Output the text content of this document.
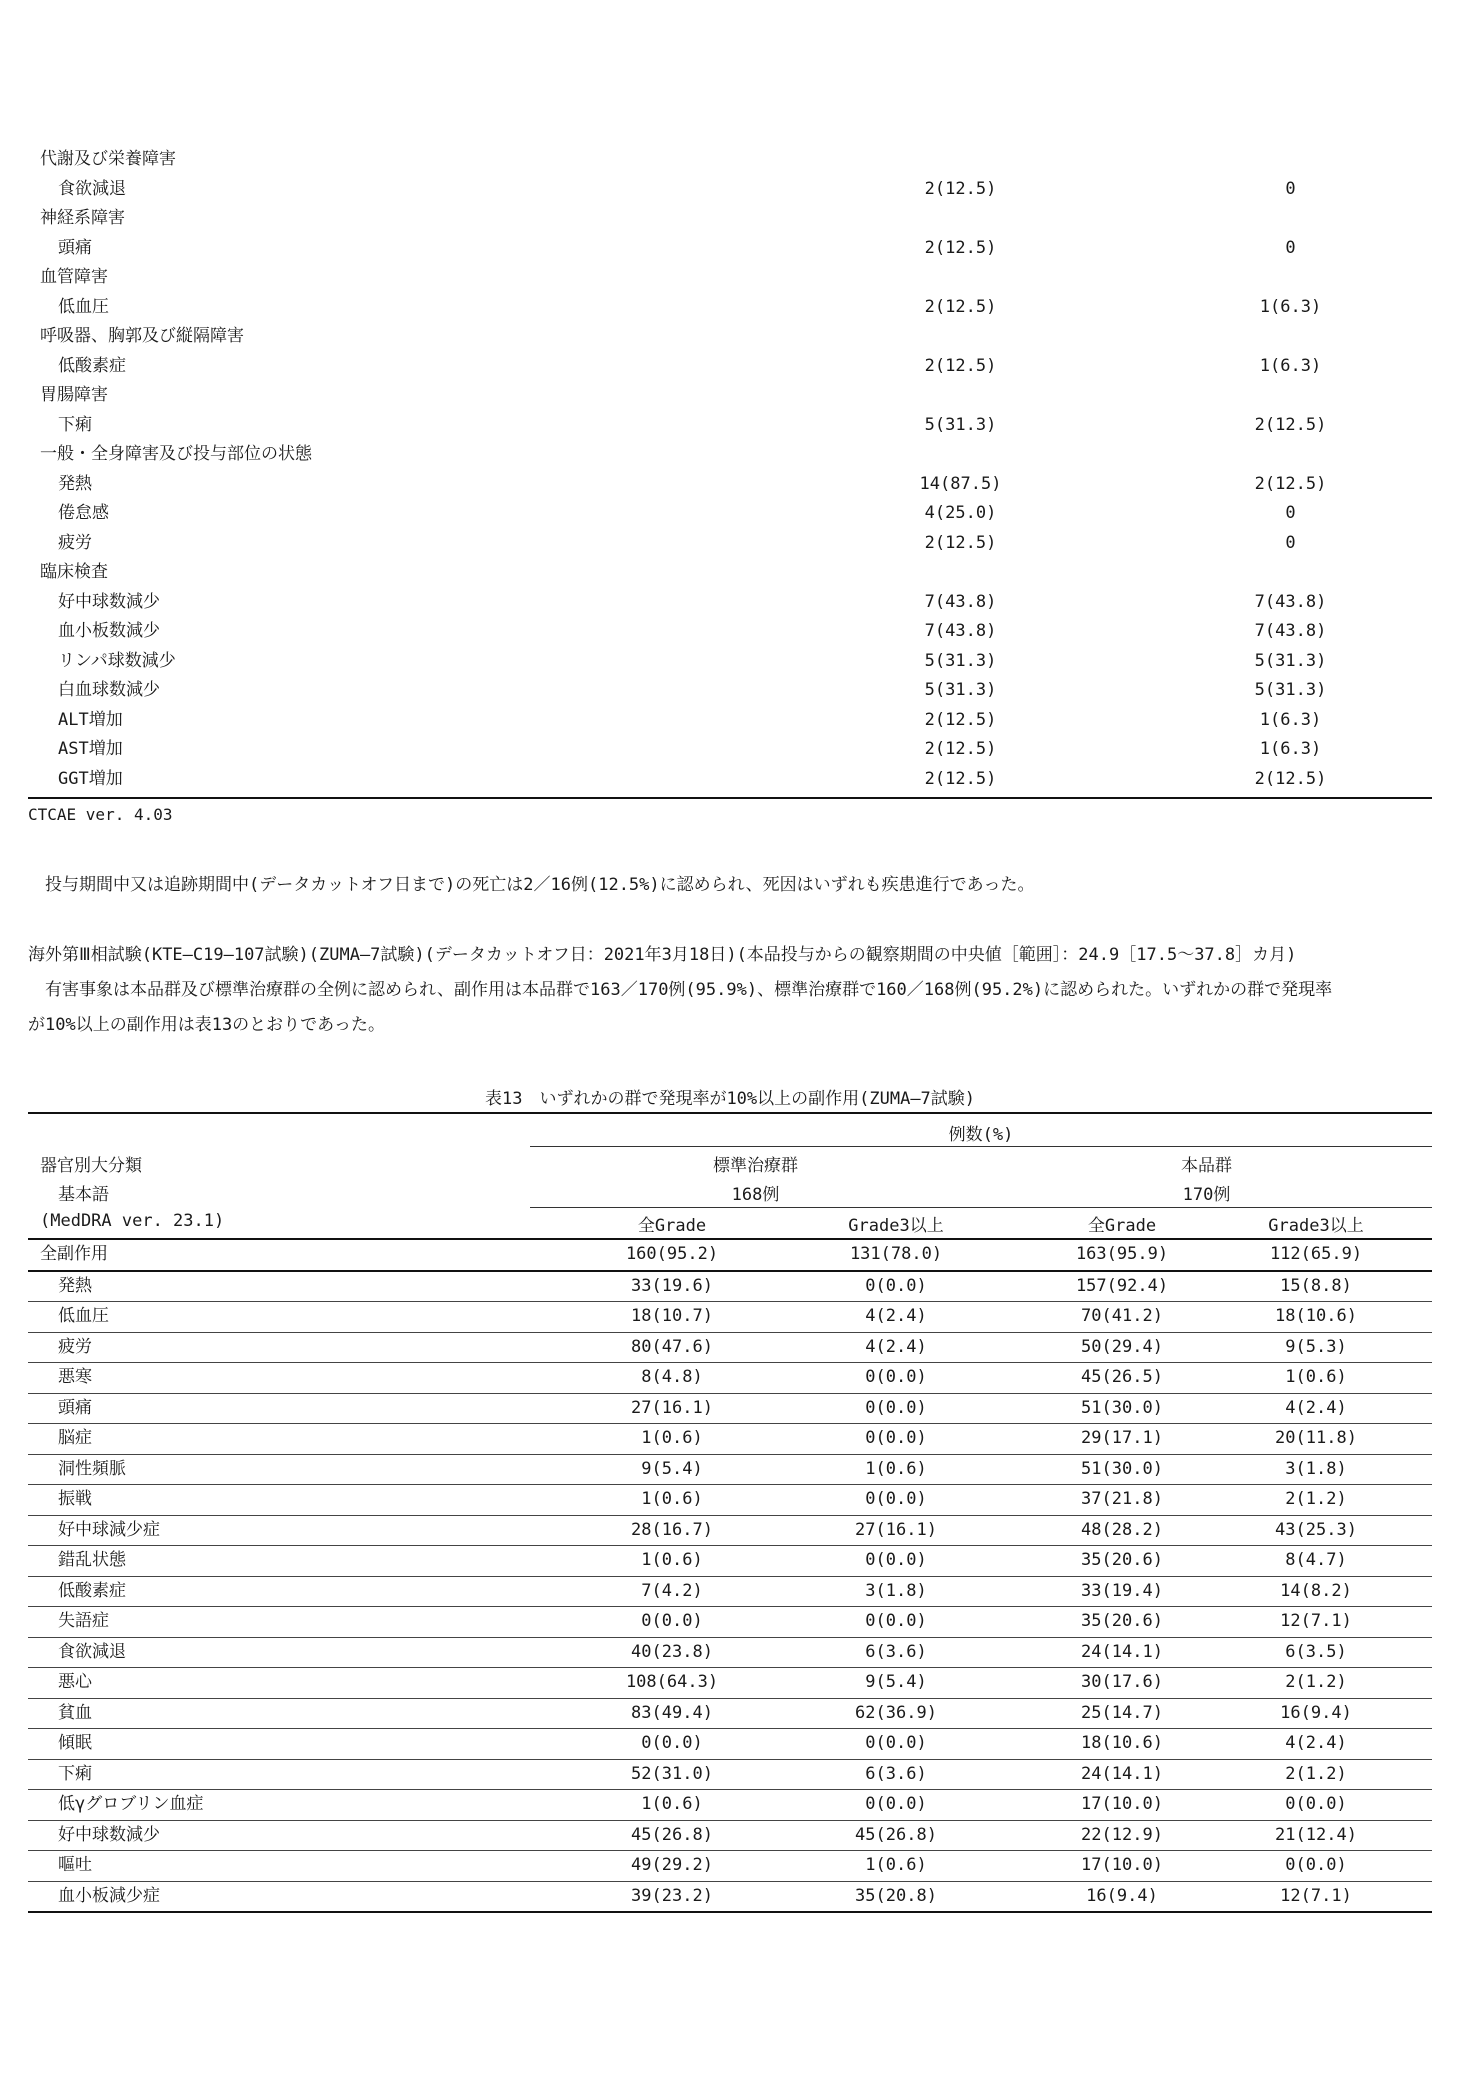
代謝及び栄養障害
食欲減退	2(12.5)	0
神経系障害
頭痛	2(12.5)	0
血管障害
低血圧	2(12.5)	1(6.3)
呼吸器、胸郭及び縦隔障害
低酸素症	2(12.5)	1(6.3)
胃腸障害
下痢	5(31.3)	2(12.5)
一般・全身障害及び投与部位の状態
発熱	14(87.5)	2(12.5)
倦怠感	4(25.0)	0
疲労	2(12.5)	0
臨床検査
好中球数減少	7(43.8)	7(43.8)
血小板数減少	7(43.8)	7(43.8)
リンパ球数減少	5(31.3)	5(31.3)
白血球数減少	5(31.3)	5(31.3)
ALT増加	2(12.5)	1(6.3)
AST増加	2(12.5)	1(6.3)
GGT増加	2(12.5)	2(12.5)
CTCAE ver. 4.03
　投与期間中又は追跡期間中(データカットオフ日まで)の死亡は2／16例(12.5%)に認められ、死因はいずれも疾患進行であった。
海外第Ⅲ相試験(KTE—C19—107試験)(ZUMA—7試験)(データカットオフ日：2021年3月18日)(本品投与からの観察期間の中央値［範囲］：24.9［17.5～37.8］カ月)
　有害事象は本品群及び標準治療群の全例に認められ、副作用は本品群で163／170例(95.9%)、標準治療群で160／168例(95.2%)に認められた。いずれかの群で発現率
が10%以上の副作用は表13のとおりであった。
表13　いずれかの群で発現率が10%以上の副作用(ZUMA—7試験)
例数(%)
器官別大分類
基本語
(MedDRA ver. 23.1)
標準治療群
168例
本品群
170例
全Grade	Grade3以上	全Grade	Grade3以上
全副作用	160(95.2)	131(78.0)	163(95.9)	112(65.9)
発熱	33(19.6)	0(0.0)	157(92.4)	15(8.8)
低血圧	18(10.7)	4(2.4)	70(41.2)	18(10.6)
疲労	80(47.6)	4(2.4)	50(29.4)	9(5.3)
悪寒	8(4.8)	0(0.0)	45(26.5)	1(0.6)
頭痛	27(16.1)	0(0.0)	51(30.0)	4(2.4)
脳症	1(0.6)	0(0.0)	29(17.1)	20(11.8)
洞性頻脈	9(5.4)	1(0.6)	51(30.0)	3(1.8)
振戦	1(0.6)	0(0.0)	37(21.8)	2(1.2)
好中球減少症	28(16.7)	27(16.1)	48(28.2)	43(25.3)
錯乱状態	1(0.6)	0(0.0)	35(20.6)	8(4.7)
低酸素症	7(4.2)	3(1.8)	33(19.4)	14(8.2)
失語症	0(0.0)	0(0.0)	35(20.6)	12(7.1)
食欲減退	40(23.8)	6(3.6)	24(14.1)	6(3.5)
悪心	108(64.3)	9(5.4)	30(17.6)	2(1.2)
貧血	83(49.4)	62(36.9)	25(14.7)	16(9.4)
傾眠	0(0.0)	0(0.0)	18(10.6)	4(2.4)
下痢	52(31.0)	6(3.6)	24(14.1)	2(1.2)
低γグロブリン血症	1(0.6)	0(0.0)	17(10.0)	0(0.0)
好中球数減少	45(26.8)	45(26.8)	22(12.9)	21(12.4)
嘔吐	49(29.2)	1(0.6)	17(10.0)	0(0.0)
血小板減少症	39(23.2)	35(20.8)	16(9.4)	12(7.1)
